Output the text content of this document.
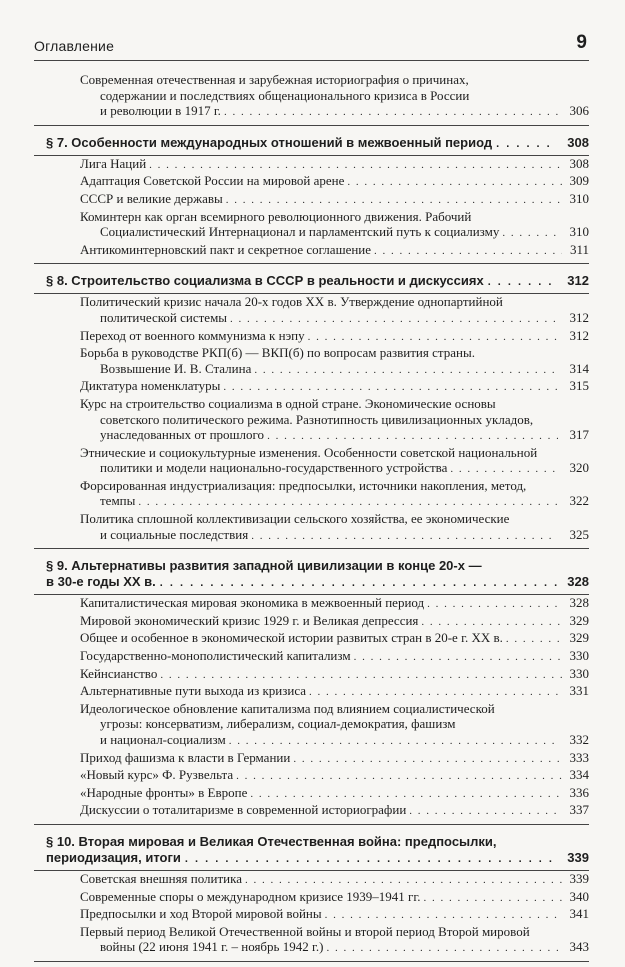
Оглавление	9
Современная отечественная и зарубежная историография о причинах,
содержании и последствиях общенационального кризиса в России
и революции в 1917 г. . . .	306
§ 7. Особенности международных отношений в межвоенный период . . .	308
Лига Наций . . .	308
Адаптация Советской России на мировой арене . . .	309
СССР и великие державы . . .	310
Коминтерн как орган всемирного революционного движения. Рабочий
Социалистический Интернационал и парламентский путь к социализму . . .	310
Антикоминтерновский пакт и секретное соглашение . . .	311
§ 8. Строительство социализма в СССР в реальности и дискуссиях . . .	312
Политический кризис начала 20-х годов XX в. Утверждение однопартийной
политической системы . . .	312
Переход от военного коммунизма к нэпу . . .	312
Борьба в руководстве РКП(б) — ВКП(б) по вопросам развития страны.
Возвышение И. В. Сталина . . .	314
Диктатура номенклатуры . . .	315
Курс на строительство социализма в одной стране. Экономические основы
советского политического режима. Разнотипность цивилизационных укладов,
унаследованных от прошлого . . .	317
Этнические и социокультурные изменения. Особенности советской национальной
политики и модели национально-государственного устройства . . .	320
Форсированная индустриализация: предпосылки, источники накопления, метод,
темпы . . .	322
Политика сплошной коллективизации сельского хозяйства, ее экономические
и социальные последствия . . .	325
§ 9. Альтернативы развития западной цивилизации в конце 20-х —
в 30-е годы XX в. . . .	328
Капиталистическая мировая экономика в межвоенный период . . .	328
Мировой экономический кризис 1929 г. и Великая депрессия . . .	329
Общее и особенное в экономической истории развитых стран в 20-е г. XX в. . . .	329
Государственно-монополистический капитализм . . .	330
Кейнсианство . . .	330
Альтернативные пути выхода из кризиса . . .	331
Идеологическое обновление капитализма под влиянием социалистической
угрозы: консерватизм, либерализм, социал-демократия, фашизм
и национал-социализм . . .	332
Приход фашизма к власти в Германии . . .	333
«Новый курс» Ф. Рузвельта . . .	334
«Народные фронты» в Европе . . .	336
Дискуссии о тоталитаризме в современной историографии . . .	337
§ 10. Вторая мировая и Великая Отечественная война: предпосылки,
периодизация, итоги . . .	339
Советская внешняя политика . . .	339
Современные споры о международном кризисе 1939–1941 гг. . . .	340
Предпосылки и ход Второй мировой войны . . .	341
Первый период Великой Отечественной войны и второй период Второй мировой
войны (22 июня 1941 г. – ноябрь 1942 г.) . . .	343
